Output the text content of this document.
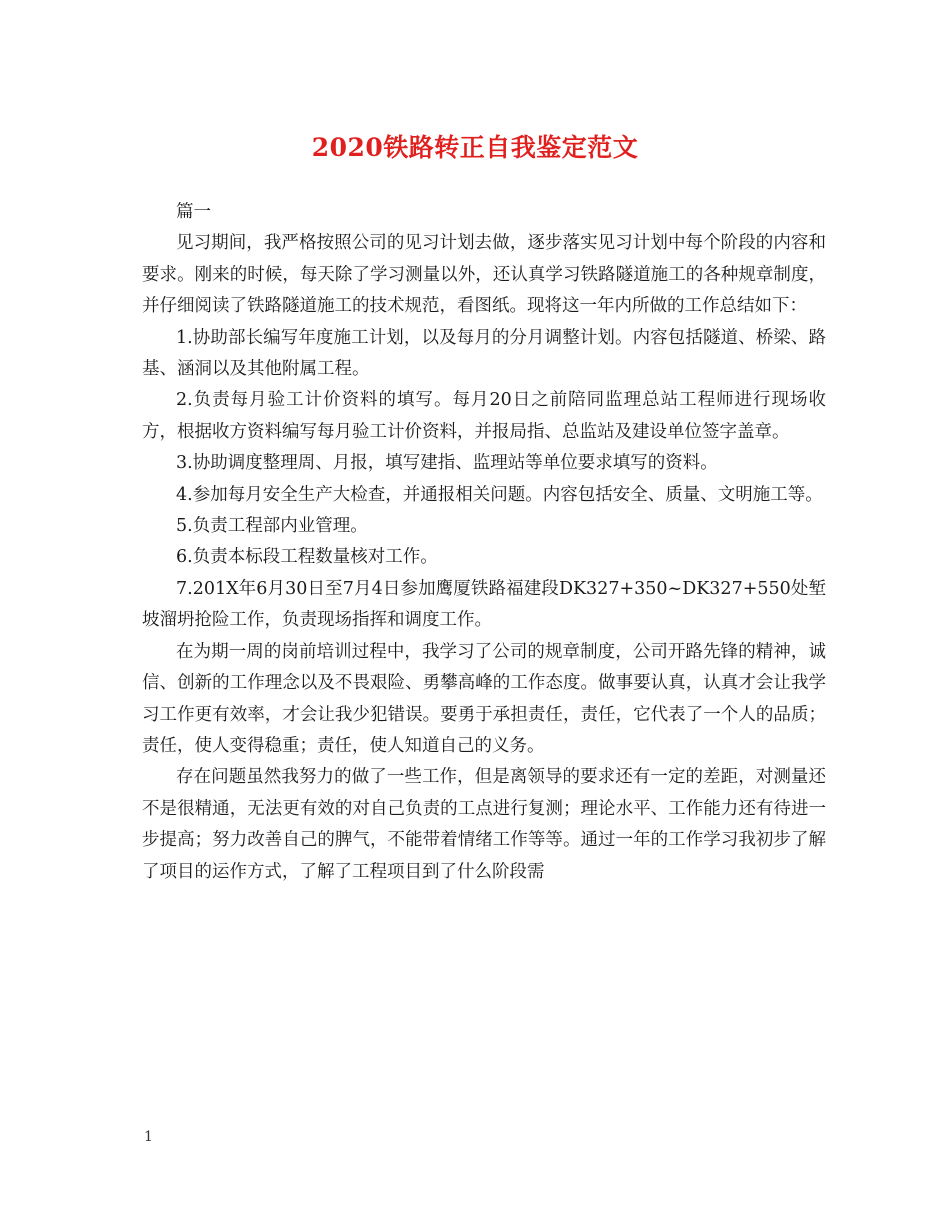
2020铁路转正自我鉴定范文

篇一

见习期间，我严格按照公司的见习计划去做，逐步落实见习计划中每个阶段的内容和要求。刚来的时候，每天除了学习测量以外，还认真学习铁路隧道施工的各种规章制度，并仔细阅读了铁路隧道施工的技术规范，看图纸。现将这一年内所做的工作总结如下：

1.协助部长编写年度施工计划，以及每月的分月调整计划。内容包括隧道、桥梁、路基、涵洞以及其他附属工程。

2.负责每月验工计价资料的填写。每月20日之前陪同监理总站工程师进行现场收方，根据收方资料编写每月验工计价资料，并报局指、总监站及建设单位签字盖章。

3.协助调度整理周、月报，填写建指、监理站等单位要求填写的资料。

4.参加每月安全生产大检查，并通报相关问题。内容包括安全、质量、文明施工等。

5.负责工程部内业管理。

6.负责本标段工程数量核对工作。

7.201X年6月30日至7月4日参加鹰厦铁路福建段DK327+350~DK327+550处堑坡溜坍抢险工作，负责现场指挥和调度工作。

在为期一周的岗前培训过程中，我学习了公司的规章制度，公司开路先锋的精神，诚信、创新的工作理念以及不畏艰险、勇攀高峰的工作态度。做事要认真，认真才会让我学习工作更有效率，才会让我少犯错误。要勇于承担责任，责任，它代表了一个人的品质；责任，使人变得稳重；责任，使人知道自己的义务。

存在问题虽然我努力的做了一些工作，但是离领导的要求还有一定的差距，对测量还不是很精通，无法更有效的对自己负责的工点进行复测；理论水平、工作能力还有待进一步提高；努力改善自己的脾气，不能带着情绪工作等等。通过一年的工作学习我初步了解了项目的运作方式，了解了工程项目到了什么阶段需

1
